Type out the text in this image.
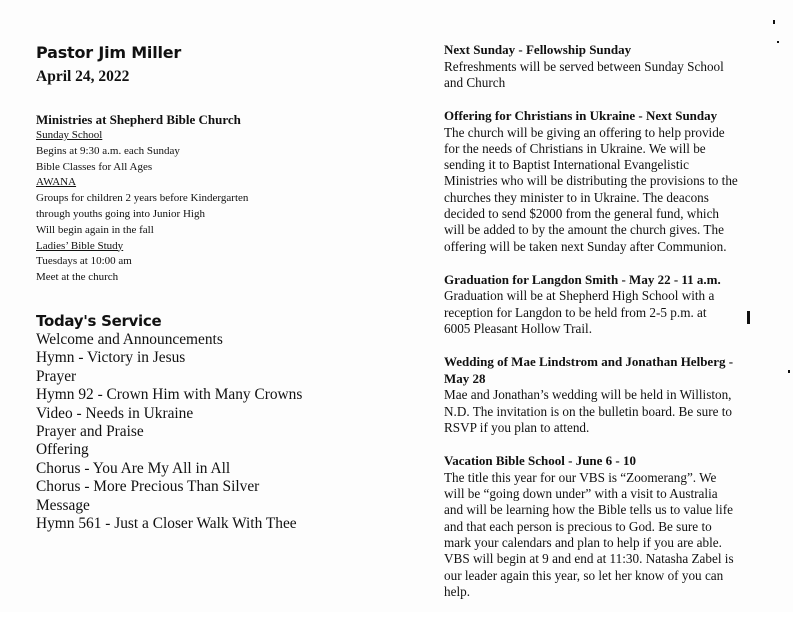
Pastor Jim Miller
April 24, 2022
Ministries at Shepherd Bible Church
Sunday School
Begins at 9:30 a.m. each Sunday
Bible Classes for All Ages
AWANA
Groups for children 2 years before Kindergarten
through youths going into Junior High
Will begin again in the fall
Ladies’ Bible Study
Tuesdays at 10:00 am
Meet at the church
Today's Service
Welcome and Announcements
Hymn - Victory in Jesus
Prayer
Hymn 92 - Crown Him with Many Crowns
Video - Needs in Ukraine
Prayer and Praise
Offering
Chorus - You Are My All in All
Chorus - More Precious Than Silver
Message
Hymn 561 - Just a Closer Walk With Thee
Next Sunday - Fellowship Sunday
Refreshments will be served between Sunday School
and Church
Offering for Christians in Ukraine - Next Sunday
The church will be giving an offering to help provide
for the needs of Christians in Ukraine. We will be
sending it to Baptist International Evangelistic
Ministries who will be distributing the provisions to the
churches they minister to in Ukraine. The deacons
decided to send $2000 from the general fund, which
will be added to by the amount the church gives. The
offering will be taken next Sunday after Communion.
Graduation for Langdon Smith - May 22 - 11 a.m.
Graduation will be at Shepherd High School with a
reception for Langdon to be held from 2-5 p.m. at
6005 Pleasant Hollow Trail.
Wedding of Mae Lindstrom and Jonathan Helberg -
May 28
Mae and Jonathan’s wedding will be held in Williston,
N.D. The invitation is on the bulletin board. Be sure to
RSVP if you plan to attend.
Vacation Bible School - June 6 - 10
The title this year for our VBS is “Zoomerang”. We
will be “going down under” with a visit to Australia
and will be learning how the Bible tells us to value life
and that each person is precious to God. Be sure to
mark your calendars and plan to help if you are able.
VBS will begin at 9 and end at 11:30. Natasha Zabel is
our leader again this year, so let her know of you can
help.
